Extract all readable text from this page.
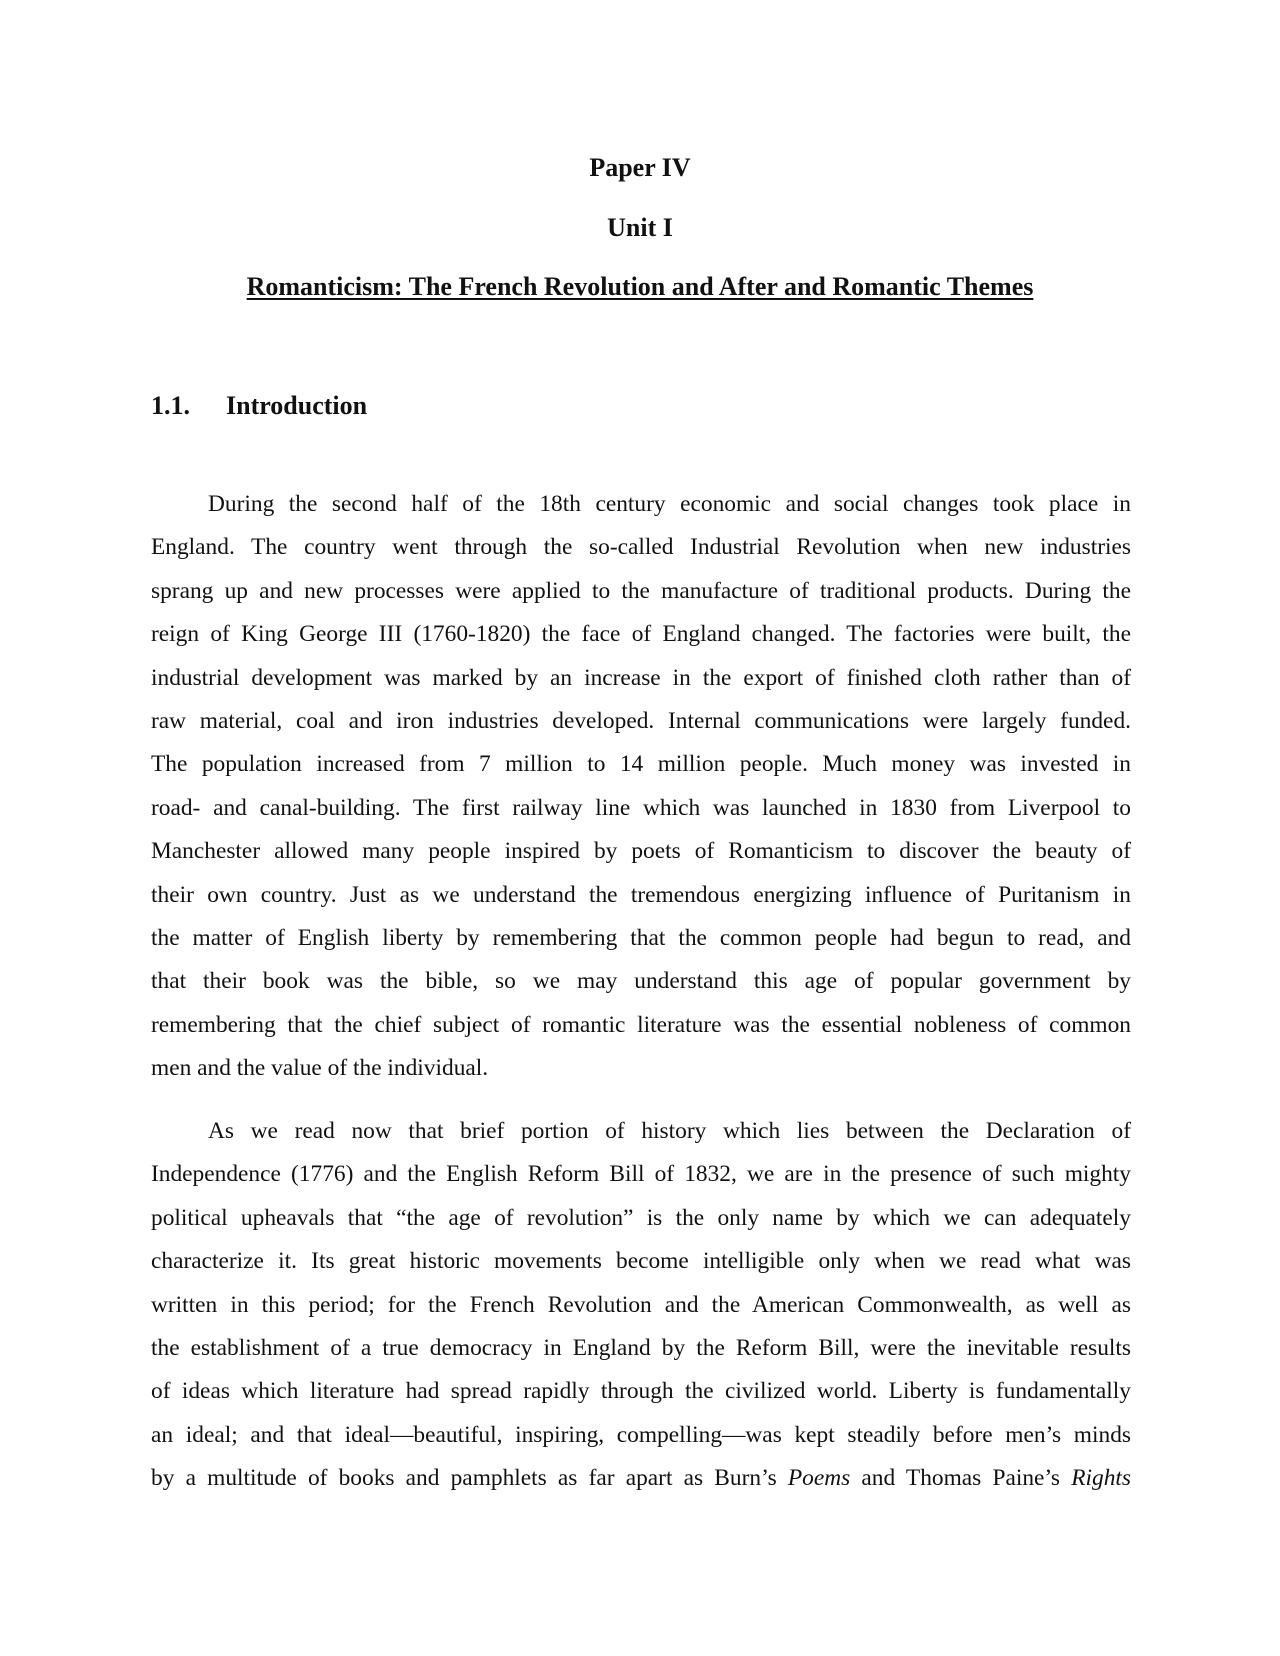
Paper IV
Unit I
Romanticism: The French Revolution and After and Romantic Themes
1.1. Introduction
During the second half of the 18th century economic and social changes took place in
England. The country went through the so-called Industrial Revolution when new industries
sprang up and new processes were applied to the manufacture of traditional products. During the
reign of King George III (1760-1820) the face of England changed. The factories were built, the
industrial development was marked by an increase in the export of finished cloth rather than of
raw material, coal and iron industries developed. Internal communications were largely funded.
The population increased from 7 million to 14 million people. Much money was invested in
road- and canal-building. The first railway line which was launched in 1830 from Liverpool to
Manchester allowed many people inspired by poets of Romanticism to discover the beauty of
their own country. Just as we understand the tremendous energizing influence of Puritanism in
the matter of English liberty by remembering that the common people had begun to read, and
that their book was the bible, so we may understand this age of popular government by
remembering that the chief subject of romantic literature was the essential nobleness of common
men and the value of the individual.
As we read now that brief portion of history which lies between the Declaration of
Independence (1776) and the English Reform Bill of 1832, we are in the presence of such mighty
political upheavals that “the age of revolution” is the only name by which we can adequately
characterize it. Its great historic movements become intelligible only when we read what was
written in this period; for the French Revolution and the American Commonwealth, as well as
the establishment of a true democracy in England by the Reform Bill, were the inevitable results
of ideas which literature had spread rapidly through the civilized world. Liberty is fundamentally
an ideal; and that ideal—beautiful, inspiring, compelling—was kept steadily before men’s minds
by a multitude of books and pamphlets as far apart as Burn’s Poems and Thomas Paine’s Rights
